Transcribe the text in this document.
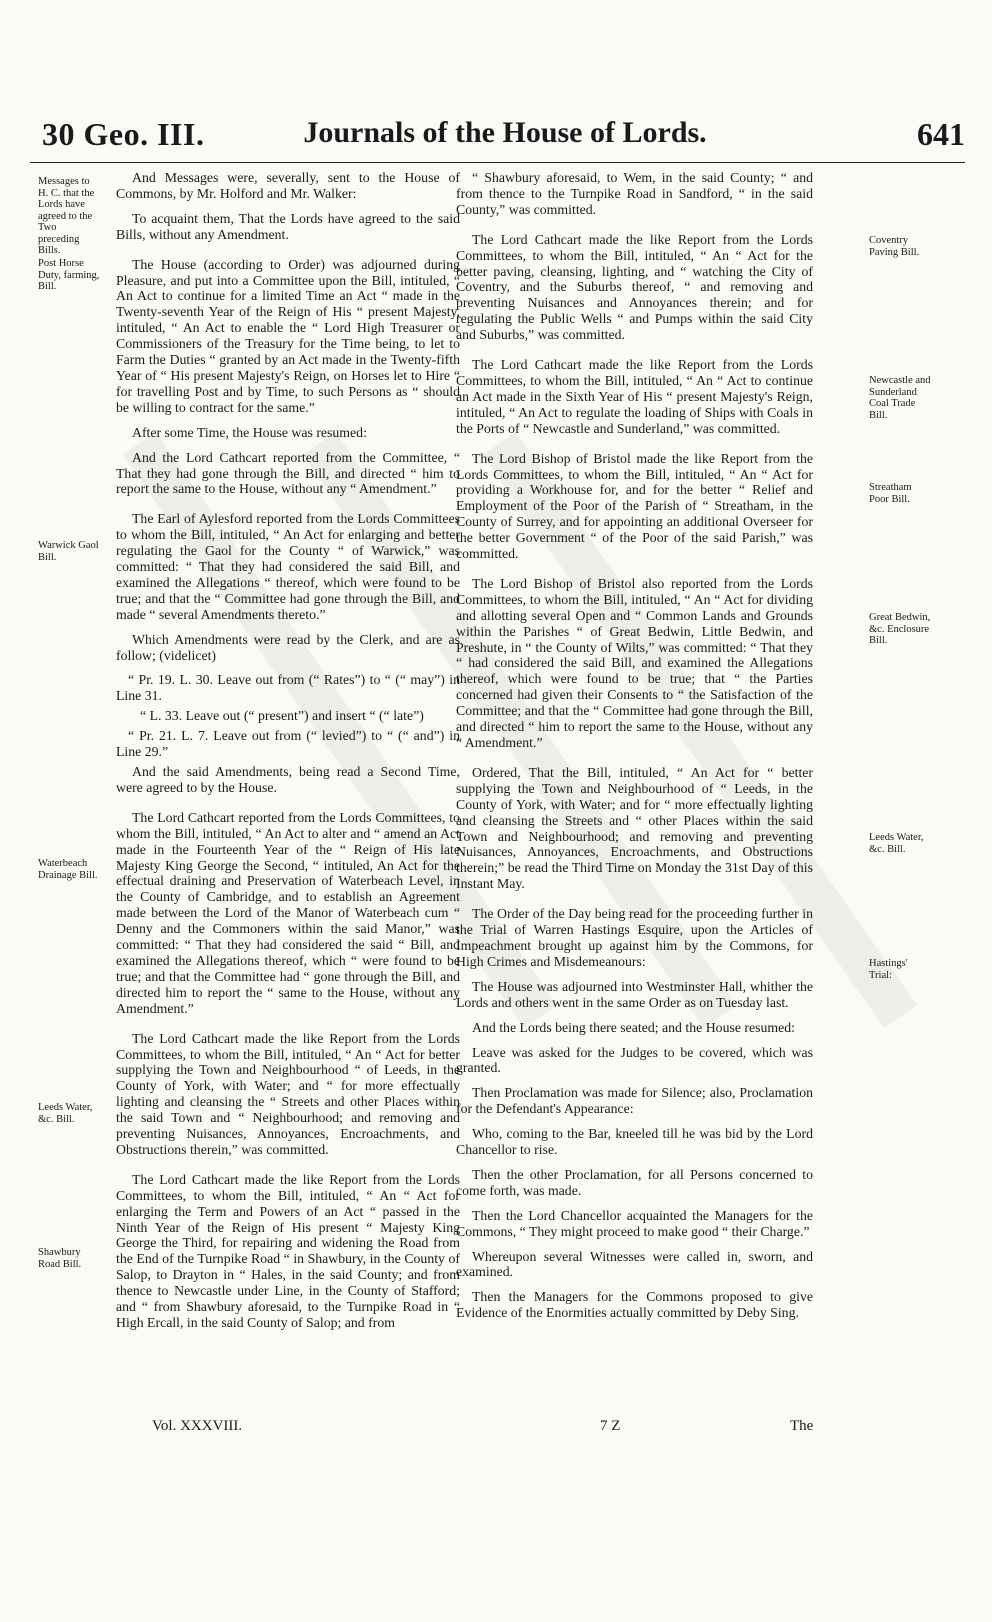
30 Geo. III.	Journals of the House of Lords.	641
Messages to H. C. that the Lords have agreed to the Two preceding Bills.
Post Horse Duty, farming, Bill.
Warwick Gaol Bill.
Waterbeach Drainage Bill.
Leeds Water, &c. Bill.
Shawbury Road Bill.
Coventry Paving Bill.
Newcastle and Sunderland Coal Trade Bill.
Streatham Poor Bill.
Great Bedwin, &c. Enclosure Bill.
Leeds Water, &c. Bill.
Hastings' Trial:

And Messages were, severally, sent to the House of Commons, by Mr. Holford and Mr. Walker:

To acquaint them, That the Lords have agreed to the said Bills, without any Amendment.

The House (according to Order) was adjourned during Pleasure, and put into a Committee upon the Bill, intituled, “ An Act to continue for a limited Time an Act “ made in the Twenty-seventh Year of the Reign of His “ present Majesty, intituled, “ An Act to enable the “ Lord High Treasurer or Commissioners of the Treasury for the Time being, to let to Farm the Duties “ granted by an Act made in the Twenty-fifth Year of “ His present Majesty's Reign, on Horses let to Hire “ for travelling Post and by Time, to such Persons as “ should be willing to contract for the same.”

After some Time, the House was resumed:

And the Lord Cathcart reported from the Committee, “ That they had gone through the Bill, and directed “ him to report the same to the House, without any “ Amendment.”

The Earl of Aylesford reported from the Lords Committees to whom the Bill, intituled, “ An Act for enlarging and better regulating the Gaol for the County “ of Warwick,” was committed: “ That they had considered the said Bill, and examined the Allegations “ thereof, which were found to be true; and that the “ Committee had gone through the Bill, and made “ several Amendments thereto.”

Which Amendments were read by the Clerk, and are as follow; (videlicet)

“ Pr. 19. L. 30. Leave out from (“ Rates”) to “ (“ may”) in Line 31.

“ L. 33. Leave out (“ present”) and insert “ (“ late”)

“ Pr. 21. L. 7. Leave out from (“ levied”) to “ (“ and”) in Line 29.”

And the said Amendments, being read a Second Time, were agreed to by the House.

The Lord Cathcart reported from the Lords Committees, to whom the Bill, intituled, “ An Act to alter and “ amend an Act made in the Fourteenth Year of the “ Reign of His late Majesty King George the Second, “ intituled, An Act for the effectual draining and Preservation of Waterbeach Level, in the County of Cambridge, and to establish an Agreement made between the Lord of the Manor of Waterbeach cum “ Denny and the Commoners within the said Manor,” was committed: “ That they had considered the said “ Bill, and examined the Allegations thereof, which “ were found to be true; and that the Committee had “ gone through the Bill, and directed him to report the “ same to the House, without any Amendment.”

The Lord Cathcart made the like Report from the Lords Committees, to whom the Bill, intituled, “ An “ Act for better supplying the Town and Neighbourhood “ of Leeds, in the County of York, with Water; and “ for more effectually lighting and cleansing the “ Streets and other Places within the said Town and “ Neighbourhood; and removing and preventing Nuisances, Annoyances, Encroachments, and Obstructions therein,” was committed.

The Lord Cathcart made the like Report from the Lords Committees, to whom the Bill, intituled, “ An “ Act for enlarging the Term and Powers of an Act “ passed in the Ninth Year of the Reign of His present “ Majesty King George the Third, for repairing and widening the Road from the End of the Turnpike Road “ in Shawbury, in the County of Salop, to Drayton in “ Hales, in the said County; and from thence to Newcastle under Line, in the County of Stafford; and “ from Shawbury aforesaid, to the Turnpike Road in “ High Ercall, in the said County of Salop; and from

“ Shawbury aforesaid, to Wem, in the said County; “ and from thence to the Turnpike Road in Sandford, “ in the said County,” was committed.

The Lord Cathcart made the like Report from the Lords Committees, to whom the Bill, intituled, “ An “ Act for the better paving, cleansing, lighting, and “ watching the City of Coventry, and the Suburbs thereof, “ and removing and preventing Nuisances and Annoyances therein; and for regulating the Public Wells “ and Pumps within the said City and Suburbs,” was committed.

The Lord Cathcart made the like Report from the Lords Committees, to whom the Bill, intituled, “ An “ Act to continue an Act made in the Sixth Year of His “ present Majesty's Reign, intituled, “ An Act to regulate the loading of Ships with Coals in the Ports of “ Newcastle and Sunderland,” was committed.

The Lord Bishop of Bristol made the like Report from the Lords Committees, to whom the Bill, intituled, “ An “ Act for providing a Workhouse for, and for the better “ Relief and Employment of the Poor of the Parish of “ Streatham, in the County of Surrey, and for appointing an additional Overseer for the better Government “ of the Poor of the said Parish,” was committed.

The Lord Bishop of Bristol also reported from the Lords Committees, to whom the Bill, intituled, “ An “ Act for dividing and allotting several Open and “ Common Lands and Grounds within the Parishes “ of Great Bedwin, Little Bedwin, and Preshute, in “ the County of Wilts,” was committed: “ That they “ had considered the said Bill, and examined the Allegations thereof, which were found to be true; that “ the Parties concerned had given their Consents to “ the Satisfaction of the Committee; and that the “ Committee had gone through the Bill, and directed “ him to report the same to the House, without any “ Amendment.”

Ordered, That the Bill, intituled, “ An Act for “ better supplying the Town and Neighbourhood of “ Leeds, in the County of York, with Water; and for “ more effectually lighting and cleansing the Streets and “ other Places within the said Town and Neighbourhood; and removing and preventing Nuisances, Annoyances, Encroachments, and Obstructions therein;” be read the Third Time on Monday the 31st Day of this Instant May.

The Order of the Day being read for the proceeding further in the Trial of Warren Hastings Esquire, upon the Articles of Impeachment brought up against him by the Commons, for High Crimes and Misdemeanours:

The House was adjourned into Westminster Hall, whither the Lords and others went in the same Order as on Tuesday last.

And the Lords being there seated; and the House resumed:

Leave was asked for the Judges to be covered, which was granted.

Then Proclamation was made for Silence; also, Proclamation for the Defendant's Appearance:

Who, coming to the Bar, kneeled till he was bid by the Lord Chancellor to rise.

Then the other Proclamation, for all Persons concerned to come forth, was made.

Then the Lord Chancellor acquainted the Managers for the Commons, “ They might proceed to make good “ their Charge.”

Whereupon several Witnesses were called in, sworn, and examined.

Then the Managers for the Commons proposed to give Evidence of the Enormities actually committed by Deby Sing.

Vol. XXXVIII.	7 Z	The
